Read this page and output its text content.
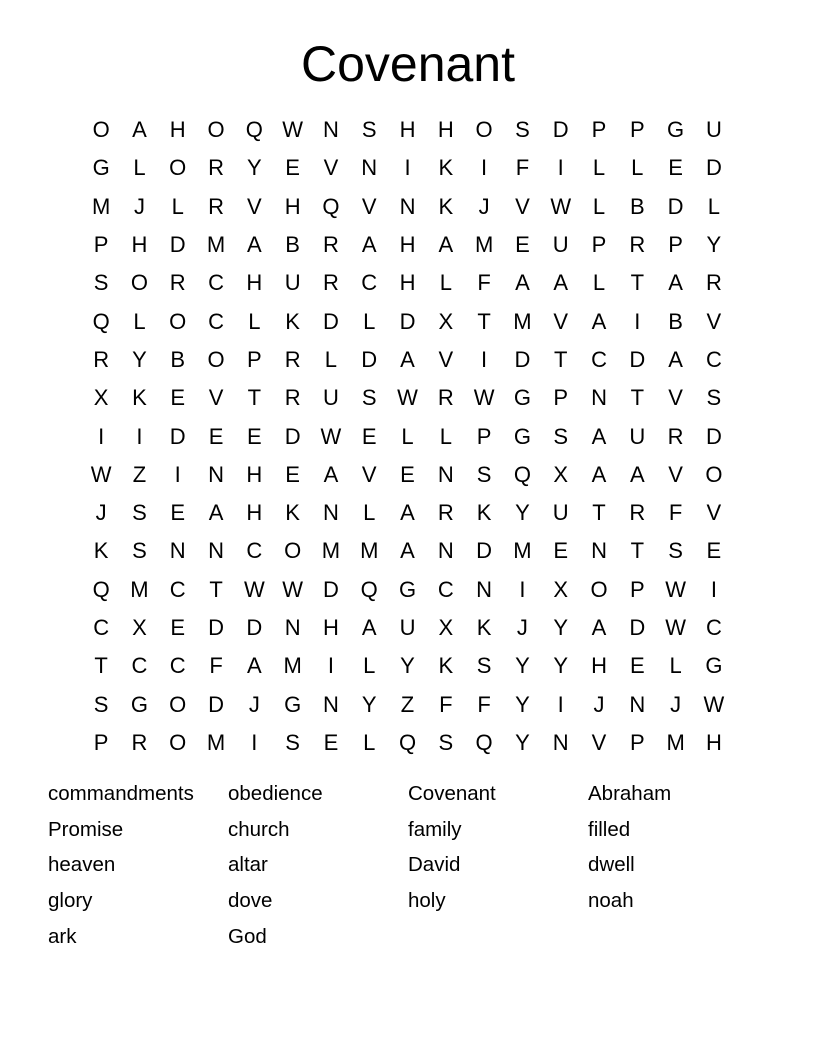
Covenant
O	A	H O Q W N	S	H	H O	S	D	P	P	G U
G	L	O R	Y	E	V	N	I	K	I	F	I	L	L	E	D
M	J	L	R	V	H Q	V	N	K	J	V W L	B	D	L
P	H	D M A	B	R	A	H	A M E	U	P	R	P	Y
S	O R	C	H	U	R	C	H	L	F	A	A	L	T	A	R
Q	L	O C	L	K	D	L	D	X	T	M V	A	I	B	V
R	Y	B	O	P	R	L	D	A	V	I	D	T	C	D	A	C
X	K	E	V	T	R	U	S W R W G	P	N	T	V	S
I	I	D	E	E	D W E	L	L	P	G	S	A	U	R	D
W Z	I	N	H	E	A	V	E	N	S	Q	X	A	A	V	O
J	S	E	A	H	K	N	L	A	R	K	Y	U	T	R	F	V
K	S	N	N	C O M M A	N	D M E	N	T	S	E
Q M C	T W W D Q G C	N	I	X	O	P W	I
C	X	E	D	D	N	H	A	U	X	K	J	Y	A	D W C
T	C	C	F	A M	I	L	Y	K	S	Y	Y	H	E	L	G
S	G O D	J	G N	Y	Z	F	F	Y	I	J	N	J	W
P	R O M	I	S	E	L	Q	S	Q	Y	N	V	P M H
commandments	obedience	Covenant	Abraham
Promise	church	family	filled
heaven	altar	David	dwell
glory	dove	holy	noah
ark	God
